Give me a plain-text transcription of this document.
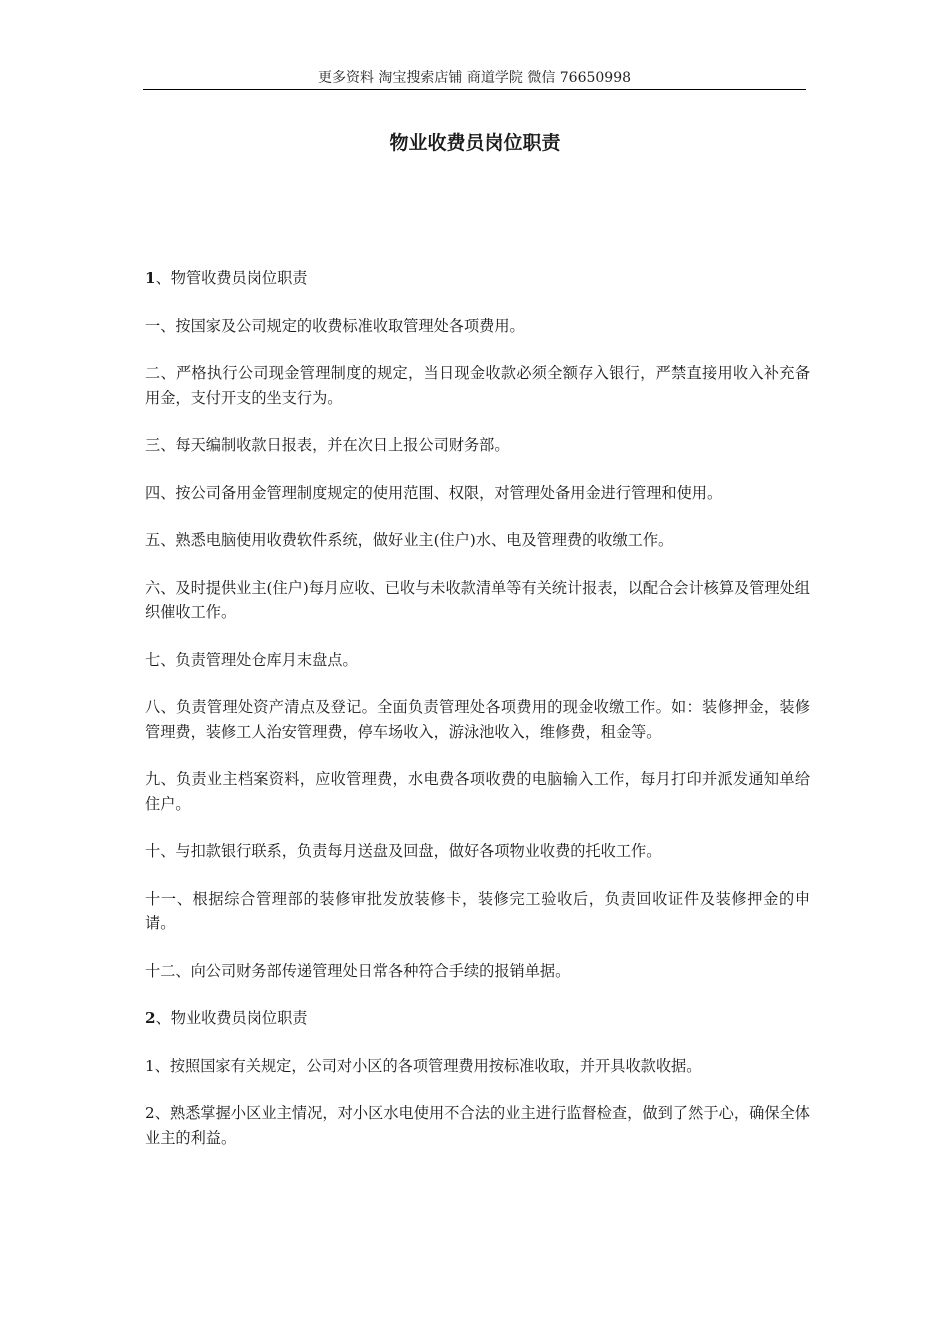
更多资料 淘宝搜索店铺 商道学院 微信 76650998
物业收费员岗位职责

1、物管收费员岗位职责

一、按国家及公司规定的收费标准收取管理处各项费用。

二、严格执行公司现金管理制度的规定，当日现金收款必须全额存入银行，严禁直接用收入补充备用金，支付开支的坐支行为。

三、每天编制收款日报表，并在次日上报公司财务部。

四、按公司备用金管理制度规定的使用范围、权限，对管理处备用金进行管理和使用。

五、熟悉电脑使用收费软件系统，做好业主(住户)水、电及管理费的收缴工作。

六、及时提供业主(住户)每月应收、已收与未收款清单等有关统计报表，以配合会计核算及管理处组织催收工作。

七、负责管理处仓库月末盘点。

八、负责管理处资产清点及登记。全面负责管理处各项费用的现金收缴工作。如：装修押金，装修管理费，装修工人治安管理费，停车场收入，游泳池收入，维修费，租金等。

九、负责业主档案资料，应收管理费，水电费各项收费的电脑输入工作，每月打印并派发通知单给住户。

十、与扣款银行联系，负责每月送盘及回盘，做好各项物业收费的托收工作。

十一、根据综合管理部的装修审批发放装修卡，装修完工验收后，负责回收证件及装修押金的申请。

十二、向公司财务部传递管理处日常各种符合手续的报销单据。

2、物业收费员岗位职责

1、按照国家有关规定，公司对小区的各项管理费用按标准收取，并开具收款收据。

2、熟悉掌握小区业主情况，对小区水电使用不合法的业主进行监督检查，做到了然于心，确保全体业主的利益。
